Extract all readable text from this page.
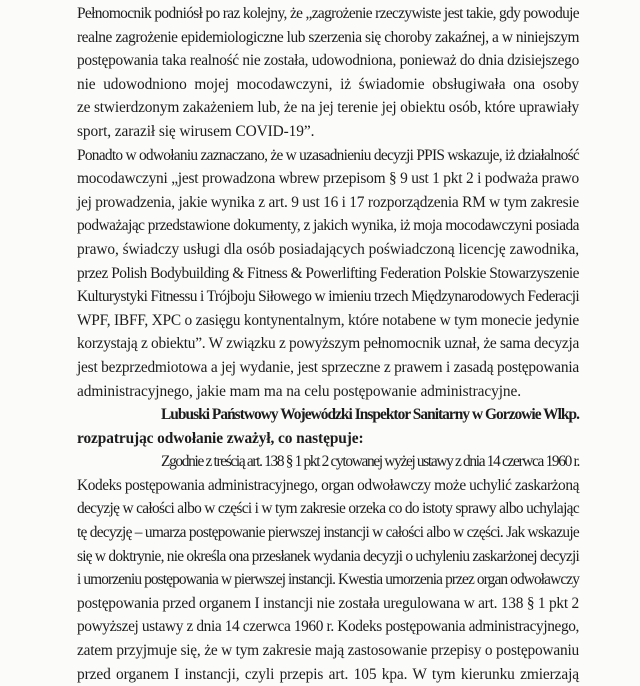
Pełnomocnik podniósł po raz kolejny, że „zagrożenie rzeczywiste jest takie, gdy powoduje
realne zagrożenie epidemiologiczne lub szerzenia się choroby zakaźnej, a w niniejszym
postępowania taka realność nie została, udowodniona, ponieważ do dnia dzisiejszego
nie udowodniono mojej mocodawczyni, iż świadomie obsługiwała ona osoby
ze stwierdzonym zakażeniem lub, że na jej terenie jej obiektu osób, które uprawiały
sport, zaraził się wirusem COVID-19”.
Ponadto w odwołaniu zaznaczano, że w uzasadnieniu decyzji PPIS wskazuje, iż działalność
mocodawczyni „jest prowadzona wbrew przepisom § 9 ust 1 pkt 2 i podważa prawo
jej prowadzenia, jakie wynika z art. 9 ust 16 i 17 rozporządzenia RM w tym zakresie
podważając przedstawione dokumenty, z jakich wynika, iż moja mocodawczyni posiada
prawo, świadczy usługi dla osób posiadających poświadczoną licencję zawodnika,
przez Polish Bodybuilding & Fitness & Powerlifting Federation Polskie Stowarzyszenie
Kulturystyki Fitnessu i Trójboju Siłowego w imieniu trzech Międzynarodowych Federacji
WPF, IBFF, XPC o zasięgu kontynentalnym, które notabene w tym monecie jedynie
korzystają z obiektu”. W związku z powyższym pełnomocnik uznał, że sama decyzja
jest bezprzedmiotowa a jej wydanie, jest sprzeczne z prawem i zasadą postępowania
administracyjnego, jakie mam ma na celu postępowanie administracyjne.
Lubuski Państwowy Wojewódzki Inspektor Sanitarny w Gorzowie Wlkp.
rozpatrując odwołanie zważył, co następuje:
Zgodnie z treścią art. 138 § 1 pkt 2 cytowanej wyżej ustawy z dnia 14 czerwca 1960 r.
Kodeks postępowania administracyjnego, organ odwoławczy może uchylić zaskarżoną
decyzję w całości albo w części i w tym zakresie orzeka co do istoty sprawy albo uchylając
tę decyzję – umarza postępowanie pierwszej instancji w całości albo w części. Jak wskazuje
się w doktrynie, nie określa ona przesłanek wydania decyzji o uchyleniu zaskarżonej decyzji
i umorzeniu postępowania w pierwszej instancji. Kwestia umorzenia przez organ odwoławczy
postępowania przed organem I instancji nie została uregulowana w art. 138 § 1 pkt 2
powyższej ustawy z dnia 14 czerwca 1960 r. Kodeks postępowania administracyjnego,
zatem przyjmuje się, że w tym zakresie mają zastosowanie przepisy o postępowaniu
przed organem I instancji, czyli przepis art. 105 kpa. W tym kierunku zmierzają
